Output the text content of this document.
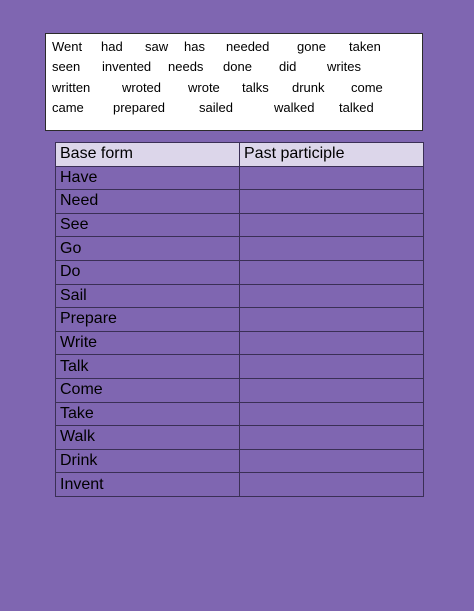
Went had saw has needed gone taken
seen invented needs done did writes
written wroted wrote talks drunk come
came prepared	sailed	walked talked
Base form	Past participle
Have	
Need	
See	
Go	
Do	
Sail	
Prepare	
Write	
Talk	
Come	
Take	
Walk	
Drink	
Invent	
